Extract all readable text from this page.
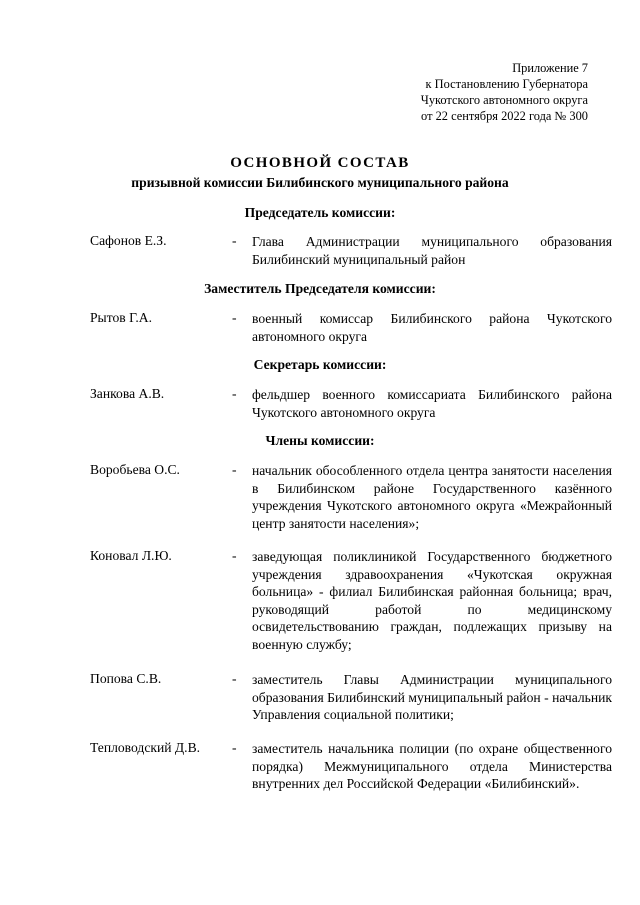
Приложение 7
к Постановлению Губернатора
Чукотского автономного округа
от 22 сентября 2022 года № 300
ОСНОВНОЙ СОСТАВ
призывной комиссии Билибинского муниципального района
Председатель комиссии:
Сафонов Е.З.	- Глава Администрации муниципального образования Билибинский муниципальный район
Заместитель Председателя комиссии:
Рытов Г.А.	- военный комиссар Билибинского района Чукотского автономного округа
Секретарь комиссии:
Занкова А.В.	- фельдшер военного комиссариата Билибинского района Чукотского автономного округа
Члены комиссии:
Воробьева О.С.	- начальник обособленного отдела центра занятости населения в Билибинском районе Государственного казённого учреждения Чукотского автономного округа «Межрайонный центр занятости населения»;
Коновал Л.Ю.	- заведующая поликлиникой Государственного бюджетного учреждения здравоохранения «Чукотская окружная больница» - филиал Билибинская районная больница; врач, руководящий работой по медицинскому освидетельствованию граждан, подлежащих призыву на военную службу;
Попова С.В.	- заместитель Главы Администрации муниципального образования Билибинский муниципальный район - начальник Управления социальной политики;
Тепловодский Д.В. - заместитель начальника полиции (по охране общественного порядка) Межмуниципального отдела Министерства внутренних дел Российской Федерации «Билибинский».
